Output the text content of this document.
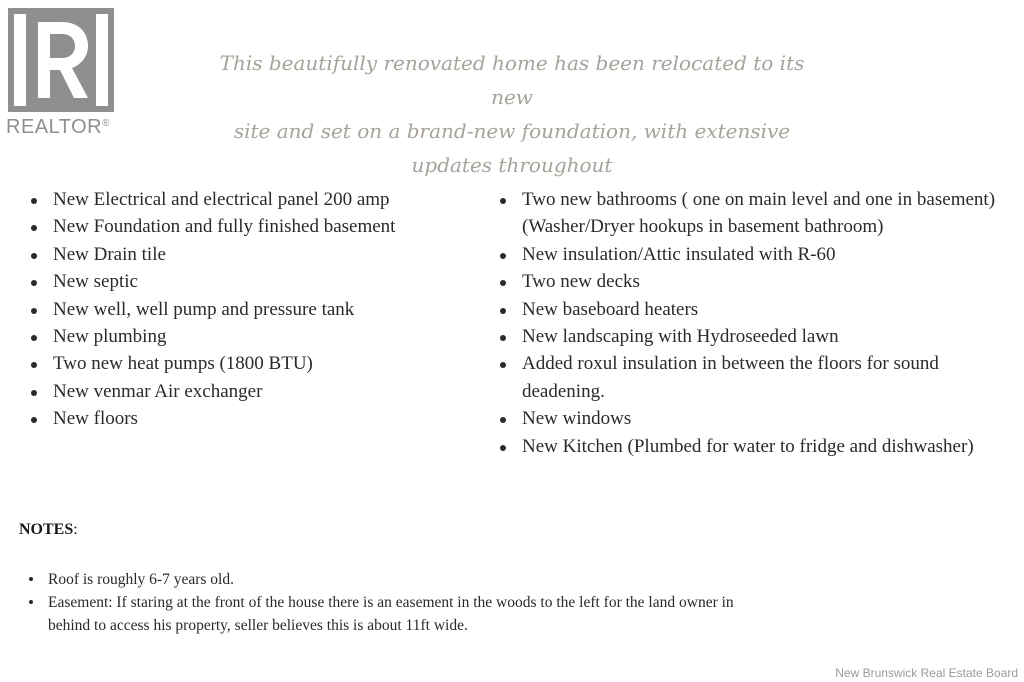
REALTOR®
This beautifully renovated home has been relocated to its new
site and set on a brand-new foundation, with extensive
updates throughout
New Electrical and electrical panel 200 amp
New Foundation and fully finished basement
New Drain tile
New septic
New well, well pump and pressure tank
New plumbing
Two new heat pumps (1800 BTU)
New venmar Air exchanger
New floors
Two new bathrooms ( one on main level and one in basement)(Washer/Dryer hookups in basement bathroom)
New insulation/Attic insulated with R-60
Two new decks
New baseboard heaters
New landscaping with Hydroseeded lawn
Added roxul insulation in between the floors for sound deadening.
New windows
New Kitchen (Plumbed for water to fridge and dishwasher)
NOTES:
Roof is roughly 6-7 years old.
Easement: If staring at the front of the house there is an easement in the woods to the left for the land owner in behind to access his property, seller believes this is about 11ft wide.
New Brunswick Real Estate Board
